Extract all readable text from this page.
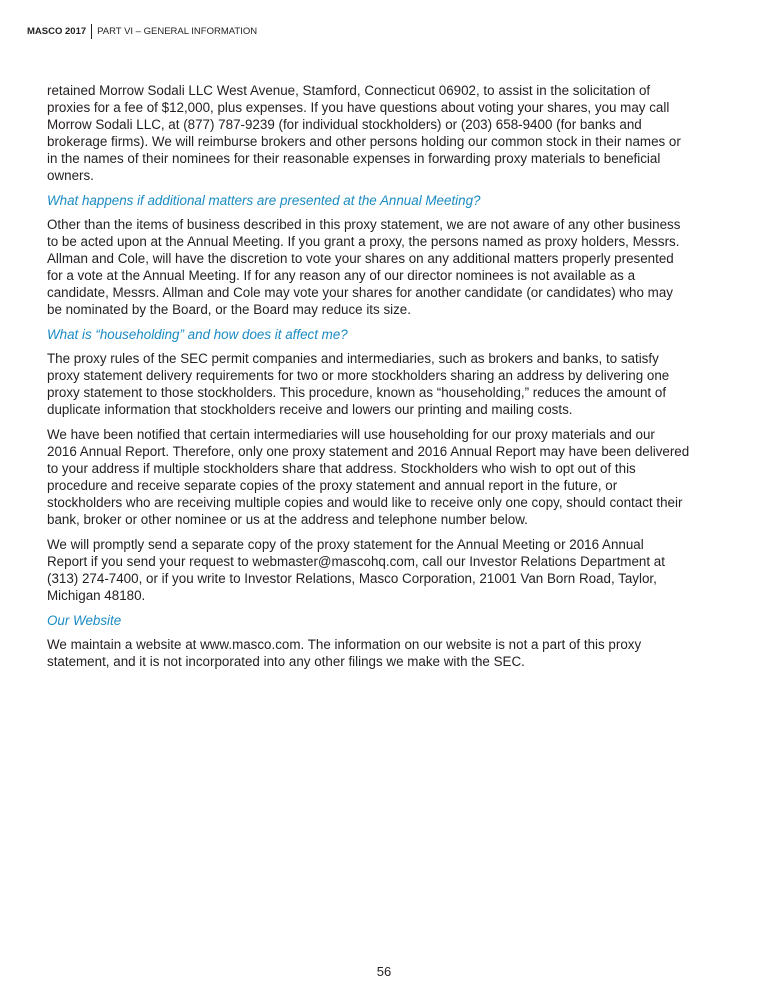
MASCO 2017 PART VI – GENERAL INFORMATION

retained Morrow Sodali LLC West Avenue, Stamford, Connecticut 06902, to assist in the solicitation of
proxies for a fee of $12,000, plus expenses. If you have questions about voting your shares, you may call
Morrow Sodali LLC, at (877) 787-9239 (for individual stockholders) or (203) 658-9400 (for banks and
brokerage firms). We will reimburse brokers and other persons holding our common stock in their names or
in the names of their nominees for their reasonable expenses in forwarding proxy materials to beneficial
owners.

What happens if additional matters are presented at the Annual Meeting?

Other than the items of business described in this proxy statement, we are not aware of any other business
to be acted upon at the Annual Meeting. If you grant a proxy, the persons named as proxy holders, Messrs.
Allman and Cole, will have the discretion to vote your shares on any additional matters properly presented
for a vote at the Annual Meeting. If for any reason any of our director nominees is not available as a
candidate, Messrs. Allman and Cole may vote your shares for another candidate (or candidates) who may
be nominated by the Board, or the Board may reduce its size.

What is “householding” and how does it affect me?

The proxy rules of the SEC permit companies and intermediaries, such as brokers and banks, to satisfy
proxy statement delivery requirements for two or more stockholders sharing an address by delivering one
proxy statement to those stockholders. This procedure, known as “householding,” reduces the amount of
duplicate information that stockholders receive and lowers our printing and mailing costs.

We have been notified that certain intermediaries will use householding for our proxy materials and our
2016 Annual Report. Therefore, only one proxy statement and 2016 Annual Report may have been delivered
to your address if multiple stockholders share that address. Stockholders who wish to opt out of this
procedure and receive separate copies of the proxy statement and annual report in the future, or
stockholders who are receiving multiple copies and would like to receive only one copy, should contact their
bank, broker or other nominee or us at the address and telephone number below.

We will promptly send a separate copy of the proxy statement for the Annual Meeting or 2016 Annual
Report if you send your request to webmaster@mascohq.com, call our Investor Relations Department at
(313) 274-7400, or if you write to Investor Relations, Masco Corporation, 21001 Van Born Road, Taylor,
Michigan 48180.

Our Website

We maintain a website at www.masco.com. The information on our website is not a part of this proxy
statement, and it is not incorporated into any other filings we make with the SEC.

56
